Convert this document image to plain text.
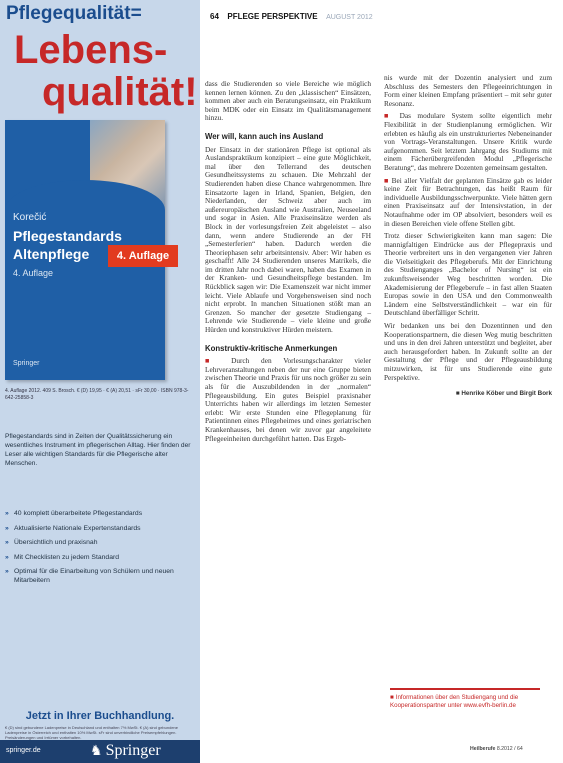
Pflegequalität=
Lebens-
qualität!
Korečić
Pflegestandards
Altenpflege
4. Auflage
4. Auflage
Springer
4. Auflage 2012. 409 S. Brosch. € (D) 19,95 · € (A) 20,51 · sFr 30,00 · ISBN 978-3-642-25858-3
Pflegestandards sind in Zeiten der Qualitätssicherung ein wesentliches Instrument im pflegerischen Alltag. Hier finden der Leser alle wichtigen Standards für die Pflegerische alter Menschen.
» 40 komplett überarbeitete Pflegestandards
» Aktualisierte Nationale Expertenstandards
» Übersichtlich und praxisnah
» Mit Checklisten zu jedem Standard
» Optimal für die Einarbeitung von Schülern und neuen Mitarbeitern
Jetzt in Ihrer Buchhandlung.
€ (D) sind gebundene Ladenpreise in Deutschland und enthalten 7% MwSt. € (A) sind gebundene Ladenpreise in Österreich und enthalten 10% MwSt. sFr sind unverbindliche Preisempfehlungen. Preisänderungen und Irrtümer vorbehalten.
springer.de	♞ Springer
64 PFLEGE PERSPEKTIVE AUGUST 2012

dass die Studierenden so viele Bereiche wie möglich kennen lernen können. Zu den „klassischen“ Einsätzen, kommen aber auch ein Beratungseinsatz, ein Praktikum beim MDK oder ein Einsatz im Qualitätsmanagement hinzu.

Wer will, kann auch ins Ausland

Der Einsatz in der stationären Pflege ist optional als Auslandspraktikum konzipiert – eine gute Möglichkeit, mal über den Tellerrand des deutschen Gesundheitssystems zu schauen. Die Mehrzahl der Studierenden haben diese Chance wahrgenommen. Ihre Einsatzorte lagen in Irland, Spanien, Belgien, den Niederlanden, der Schweiz aber auch im außereuropäischen Ausland wie Australien, Neuseeland und sogar in Asien. Alle Praxiseinsätze werden als Block in der vorlesungsfreien Zeit abgeleistet – also dann, wenn andere Studierende an der FH „Semesterferien“ haben. Dadurch werden die Theoriephasen sehr arbeitsintensiv. Aber: Wir haben es geschafft! Alle 24 Studierenden unseres Matrikels, die im dritten Jahr noch dabei waren, haben das Examen in der Kranken- und Gesundheitspflege bestanden. Im Rückblick sagen wir: Die Examenszeit war nicht immer leicht. Viele Ablaufe und Vorgehensweisen sind noch nicht erprobt. In manchen Situationen stößt man an Grenzen. So mancher der gesetzte Studiengang – Lehrende wie Studierende – viele kleine und große Hürden und konstruktiver Hürden meistern.

Konstruktiv-kritische Anmerkungen

■ Durch den Vorlesungscharakter vieler Lehrveranstaltungen neben der nur eine Gruppe bieten zwischen Theorie und Praxis für uns noch größer zu sein als für die Auszubildenden in der „normalen“ Pflegeausbildung. Ein gutes Beispiel praxisnaher Unterrichts haben wir allerdings im letzten Semester erlebt: Wir erste Stunden eine Pflegeplanung für Patientinnen eines Pflegeheimes und eines geriatrischen Krankenhauses, bei denen wir zuvor gar angeleitete Pflegeeinheiten durchgeführt hatten. Das Ergeb-

nis wurde mit der Dozentin analysiert und zum Abschluss des Semesters den Pflegeeinrichtungen in Form einer kleinen Empfang präsentiert – mit sehr guter Resonanz.

■ Das modulare System sollte eigentlich mehr Flexibilität in der Studienplanung ermöglichen. Wir erlebten es häufig als ein unstrukturiertes Nebeneinander von Vortrags-Veranstaltungen. Unsere Kritik wurde aufgenommen. Seit letztem Jahrgang des Studiums mit einem Fächerübergreifenden Modul „Pflegerische Beratung“, das mehrere Dozenten gemeinsam gestalten.

■ Bei aller Vielfalt der geplanten Einsätze gab es leider keine Zeit für Betrachtungen, das heißt Raum für individuelle Ausbildungsschwerpunkte. Viele hätten gern einen Praxiseinsatz auf der Intensivstation, in der Notaufnahme oder im OP absolviert, besonders weil es in diesen Bereichen viele offene Stellen gibt.

Trotz dieser Schwierigkeiten kann man sagen: Die mannigfaltigen Eindrücke aus der Pflegepraxis und Theorie verbreitert uns in den vergangenen vier Jahren die Vielseitigkeit des Pflegeberufs. Mit der Einrichtung des Studienganges „Bachelor of Nursing“ ist ein zukunftsweisender Weg beschritten worden. Die Akademisierung der Pflegeberufe – in fast allen Staaten Europas sowie in den USA und den Commonwealth Ländern eine Selbstverständlichkeit – war ein für Deutschland überfälliger Schritt.

Wir bedanken uns bei den Dozentinnen und den Kooperationspartnern, die diesen Weg mutig beschritten und uns in den drei Jahren unterstützt und begleitet, aber auch herausgefordert haben. In Zukunft sollte an der Gestaltung der Pflege und der Pflegeausbildung mitzuwirken, ist für uns Studierende eine gute Perspektive.

■ Henrike Köber und Birgit Bork
■ Informationen über den Studiengang und die Kooperationspartner unter www.evfh-berlin.de
Heilberufe 8.2012 / 64
